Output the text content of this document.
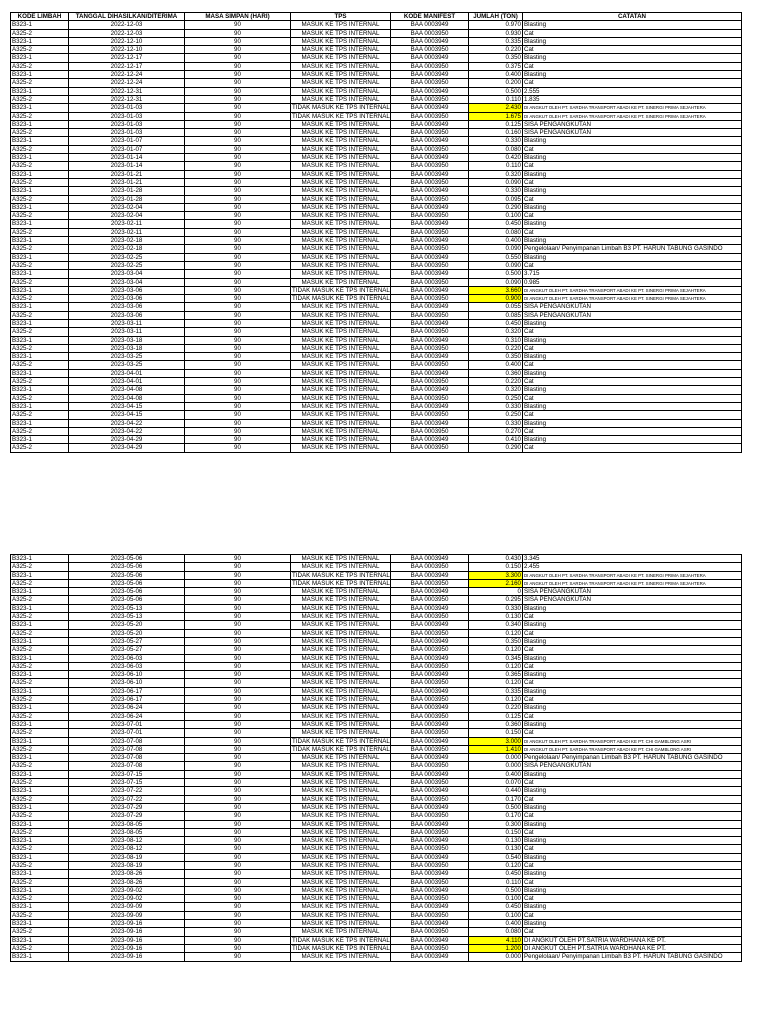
KODE LIMBAH	TANGGAL DIHASILKAN/DITERIMA	MASA SIMPAN (HARI)	TPS	KODE MANIFEST	JUMLAH (TON)	CATATAN
B323-1	2022-12-03	90	MASUK KE TPS INTERNAL	BAA 0003949	0.970	Blasting
A325-2	2022-12-03	90	MASUK KE TPS INTERNAL	BAA 0003950	0.930	Cat
B323-1	2022-12-10	90	MASUK KE TPS INTERNAL	BAA 0003949	0.335	Blasting
A325-2	2022-12-10	90	MASUK KE TPS INTERNAL	BAA 0003950	0.220	Cat
B323-1	2022-12-17	90	MASUK KE TPS INTERNAL	BAA 0003949	0.350	Blasting
A325-2	2022-12-17	90	MASUK KE TPS INTERNAL	BAA 0003950	0.375	Cat
B323-1	2022-12-24	90	MASUK KE TPS INTERNAL	BAA 0003949	0.400	Blasting
A325-2	2022-12-24	90	MASUK KE TPS INTERNAL	BAA 0003950	0.200	Cat
B323-1	2022-12-31	90	MASUK KE TPS INTERNAL	BAA 0003949	0.500	2.555
A325-2	2022-12-31	90	MASUK KE TPS INTERNAL	BAA 0003950	0.110	1.835
B323-1	2023-01-03	90	TIDAK MASUK KE TPS INTERNAL	BAA 0003949	2.430	DI ANGKUT OLEH PT. SARDHA TRANSPORT ABADI KE PT. SINERGI PRIMA SEJAHTERA
A325-2	2023-01-03	90	TIDAK MASUK KE TPS INTERNAL	BAA 0003950	1.675	DI ANGKUT OLEH PT. SARDHA TRANSPORT ABADI KE PT. SINERGI PRIMA SEJAHTERA
B323-1	2023-01-03	90	MASUK KE TPS INTERNAL	BAA 0003949	0.125	SISA PENGANGKUTAN
A325-2	2023-01-03	90	MASUK KE TPS INTERNAL	BAA 0003950	0.160	SISA PENGANGKUTAN
B323-1	2023-01-07	90	MASUK KE TPS INTERNAL	BAA 0003949	0.330	Blasting
A325-2	2023-01-07	90	MASUK KE TPS INTERNAL	BAA 0003950	0.080	Cat
B323-1	2023-01-14	90	MASUK KE TPS INTERNAL	BAA 0003949	0.420	Blasting
A325-2	2023-01-14	90	MASUK KE TPS INTERNAL	BAA 0003950	0.110	Cat
B323-1	2023-01-21	90	MASUK KE TPS INTERNAL	BAA 0003949	0.320	Blasting
A325-2	2023-01-21	90	MASUK KE TPS INTERNAL	BAA 0003950	0.090	Cat
B323-1	2023-01-28	90	MASUK KE TPS INTERNAL	BAA 0003949	0.330	Blasting
A325-2	2023-01-28	90	MASUK KE TPS INTERNAL	BAA 0003950	0.095	Cat
B323-1	2023-02-04	90	MASUK KE TPS INTERNAL	BAA 0003949	0.290	Blasting
A325-2	2023-02-04	90	MASUK KE TPS INTERNAL	BAA 0003950	0.100	Cat
B323-1	2023-02-11	90	MASUK KE TPS INTERNAL	BAA 0003949	0.450	Blasting
A325-2	2023-02-11	90	MASUK KE TPS INTERNAL	BAA 0003950	0.080	Cat
B323-1	2023-02-18	90	MASUK KE TPS INTERNAL	BAA 0003949	0.400	Blasting
A325-2	2023-02-18	90	MASUK KE TPS INTERNAL	BAA 0003950	0.090	Pengelolaan/ Penyimpanan Limbah B3 PT. HARUN TABUNG GASINDO
B323-1	2023-02-25	90	MASUK KE TPS INTERNAL	BAA 0003949	0.550	Blasting
A325-2	2023-02-25	90	MASUK KE TPS INTERNAL	BAA 0003950	0.090	Cat
B323-1	2023-03-04	90	MASUK KE TPS INTERNAL	BAA 0003949	0.500	3.715
A325-2	2023-03-04	90	MASUK KE TPS INTERNAL	BAA 0003950	0.090	0.985
B323-1	2023-03-06	90	TIDAK MASUK KE TPS INTERNAL	BAA 0003949	3.660	DI ANGKUT OLEH PT. SARDHA TRANSPORT ABADI KE PT. SINERGI PRIMA SEJAHTERA
A325-2	2023-03-06	90	TIDAK MASUK KE TPS INTERNAL	BAA 0003950	0.900	DI ANGKUT OLEH PT. SARDHA TRANSPORT ABADI KE PT. SINERGI PRIMA SEJAHTERA
B323-1	2023-03-06	90	MASUK KE TPS INTERNAL	BAA 0003949	0.055	SISA PENGANGKUTAN
A325-2	2023-03-06	90	MASUK KE TPS INTERNAL	BAA 0003950	0.085	SISA PENGANGKUTAN
B323-1	2023-03-11	90	MASUK KE TPS INTERNAL	BAA 0003949	0.450	Blasting
A325-2	2023-03-11	90	MASUK KE TPS INTERNAL	BAA 0003950	0.320	Cat
B323-1	2023-03-18	90	MASUK KE TPS INTERNAL	BAA 0003949	0.310	Blasting
A325-2	2023-03-18	90	MASUK KE TPS INTERNAL	BAA 0003950	0.220	Cat
B323-1	2023-03-25	90	MASUK KE TPS INTERNAL	BAA 0003949	0.350	Blasting
A325-2	2023-03-25	90	MASUK KE TPS INTERNAL	BAA 0003950	0.400	Cat
B323-1	2023-04-01	90	MASUK KE TPS INTERNAL	BAA 0003949	0.360	Blasting
A325-2	2023-04-01	90	MASUK KE TPS INTERNAL	BAA 0003950	0.220	Cat
B323-1	2023-04-08	90	MASUK KE TPS INTERNAL	BAA 0003949	0.320	Blasting
A325-2	2023-04-08	90	MASUK KE TPS INTERNAL	BAA 0003950	0.250	Cat
B323-1	2023-04-15	90	MASUK KE TPS INTERNAL	BAA 0003949	0.330	Blasting
A325-2	2023-04-15	90	MASUK KE TPS INTERNAL	BAA 0003950	0.250	Cat
B323-1	2023-04-22	90	MASUK KE TPS INTERNAL	BAA 0003949	0.330	Blasting
A325-2	2023-04-22	90	MASUK KE TPS INTERNAL	BAA 0003950	0.270	Cat
B323-1	2023-04-29	90	MASUK KE TPS INTERNAL	BAA 0003949	0.410	Blasting
A325-2	2023-04-29	90	MASUK KE TPS INTERNAL	BAA 0003950	0.290	Cat
B323-1	2023-05-06	90	MASUK KE TPS INTERNAL	BAA 0003949	0.430	3.345
A325-2	2023-05-06	90	MASUK KE TPS INTERNAL	BAA 0003950	0.150	2.455
B323-1	2023-05-06	90	TIDAK MASUK KE TPS INTERNAL	BAA 0003949	3.300	DI ANGKUT OLEH PT. SARDHA TRANSPORT ABADI KE PT. SINERGI PRIMA SEJAHTERA
A325-2	2023-05-06	90	TIDAK MASUK KE TPS INTERNAL	BAA 0003950	2.160	DI ANGKUT OLEH PT. SARDHA TRANSPORT ABADI KE PT. SINERGI PRIMA SEJAHTERA
B323-1	2023-05-06	90	MASUK KE TPS INTERNAL	BAA 0003949	0	SISA PENGANGKUTAN
A325-2	2023-05-06	90	MASUK KE TPS INTERNAL	BAA 0003950	0.295	SISA PENGANGKUTAN
B323-1	2023-05-13	90	MASUK KE TPS INTERNAL	BAA 0003949	0.330	Blasting
A325-2	2023-05-13	90	MASUK KE TPS INTERNAL	BAA 0003950	0.130	Cat
B323-1	2023-05-20	90	MASUK KE TPS INTERNAL	BAA 0003949	0.340	Blasting
A325-2	2023-05-20	90	MASUK KE TPS INTERNAL	BAA 0003950	0.120	Cat
B323-1	2023-05-27	90	MASUK KE TPS INTERNAL	BAA 0003949	0.350	Blasting
A325-2	2023-05-27	90	MASUK KE TPS INTERNAL	BAA 0003950	0.120	Cat
B323-1	2023-06-03	90	MASUK KE TPS INTERNAL	BAA 0003949	0.345	Blasting
A325-2	2023-06-03	90	MASUK KE TPS INTERNAL	BAA 0003950	0.120	Cat
B323-1	2023-06-10	90	MASUK KE TPS INTERNAL	BAA 0003949	0.365	Blasting
A325-2	2023-06-10	90	MASUK KE TPS INTERNAL	BAA 0003950	0.120	Cat
B323-1	2023-06-17	90	MASUK KE TPS INTERNAL	BAA 0003949	0.335	Blasting
A325-2	2023-06-17	90	MASUK KE TPS INTERNAL	BAA 0003950	0.120	Cat
B323-1	2023-06-24	90	MASUK KE TPS INTERNAL	BAA 0003949	0.220	Blasting
A325-2	2023-06-24	90	MASUK KE TPS INTERNAL	BAA 0003950	0.125	Cat
B323-1	2023-07-01	90	MASUK KE TPS INTERNAL	BAA 0003949	0.360	Blasting
A325-2	2023-07-01	90	MASUK KE TPS INTERNAL	BAA 0003950	0.150	Cat
B323-1	2023-07-08	90	TIDAK MASUK KE TPS INTERNAL	BAA 0003949	3.000	DI ANGKUT OLEH PT. SARDHA TRANSPORT ABADI KE PT. CHI GAMBLONG ASRI
A325-2	2023-07-08	90	TIDAK MASUK KE TPS INTERNAL	BAA 0003950	1.410	DI ANGKUT OLEH PT. SARDHA TRANSPORT ABADI KE PT. CHI GAMBLONG ASRI
B323-1	2023-07-08	90	MASUK KE TPS INTERNAL	BAA 0003949	0.000	Pengelolaan/ Penyimpanan Limbah B3 PT. HARUN TABUNG GASINDO
A325-2	2023-07-08	90	MASUK KE TPS INTERNAL	BAA 0003950	0.000	SISA PENGANGKUTAN
B323-1	2023-07-15	90	MASUK KE TPS INTERNAL	BAA 0003949	0.400	Blasting
A325-2	2023-07-15	90	MASUK KE TPS INTERNAL	BAA 0003950	0.070	Cat
B323-1	2023-07-22	90	MASUK KE TPS INTERNAL	BAA 0003949	0.440	Blasting
A325-2	2023-07-22	90	MASUK KE TPS INTERNAL	BAA 0003950	0.170	Cat
B323-1	2023-07-29	90	MASUK KE TPS INTERNAL	BAA 0003949	0.500	Blasting
A325-2	2023-07-29	90	MASUK KE TPS INTERNAL	BAA 0003950	0.170	Cat
B323-1	2023-08-05	90	MASUK KE TPS INTERNAL	BAA 0003949	0.300	Blasting
A325-2	2023-08-05	90	MASUK KE TPS INTERNAL	BAA 0003950	0.150	Cat
B323-1	2023-08-12	90	MASUK KE TPS INTERNAL	BAA 0003949	0.130	Blasting
A325-2	2023-08-12	90	MASUK KE TPS INTERNAL	BAA 0003950	0.130	Cat
B323-1	2023-08-19	90	MASUK KE TPS INTERNAL	BAA 0003949	0.540	Blasting
A325-2	2023-08-19	90	MASUK KE TPS INTERNAL	BAA 0003950	0.120	Cat
B323-1	2023-08-26	90	MASUK KE TPS INTERNAL	BAA 0003949	0.450	Blasting
A325-2	2023-08-26	90	MASUK KE TPS INTERNAL	BAA 0003950	0.110	Cat
B323-1	2023-09-02	90	MASUK KE TPS INTERNAL	BAA 0003949	0.500	Blasting
A325-2	2023-09-02	90	MASUK KE TPS INTERNAL	BAA 0003950	0.100	Cat
B323-1	2023-09-09	90	MASUK KE TPS INTERNAL	BAA 0003949	0.450	Blasting
A325-2	2023-09-09	90	MASUK KE TPS INTERNAL	BAA 0003950	0.100	Cat
B323-1	2023-09-16	90	MASUK KE TPS INTERNAL	BAA 0003949	0.400	Blasting
A325-2	2023-09-16	90	MASUK KE TPS INTERNAL	BAA 0003950	0.080	Cat
B323-1	2023-09-16	90	TIDAK MASUK KE TPS INTERNAL	BAA 0003949	4.110	DI ANGKUT OLEH PT.SATRIA WARDHANA KE PT.
A325-2	2023-09-16	90	TIDAK MASUK KE TPS INTERNAL	BAA 0003950	1.200	DI ANGKUT OLEH PT.SATRIA WARDHANA KE PT.
B323-1	2023-09-16	90	MASUK KE TPS INTERNAL	BAA 0003949	0.000	Pengelolaan/ Penyimpanan Limbah B3 PT. HARUN TABUNG GASINDO
